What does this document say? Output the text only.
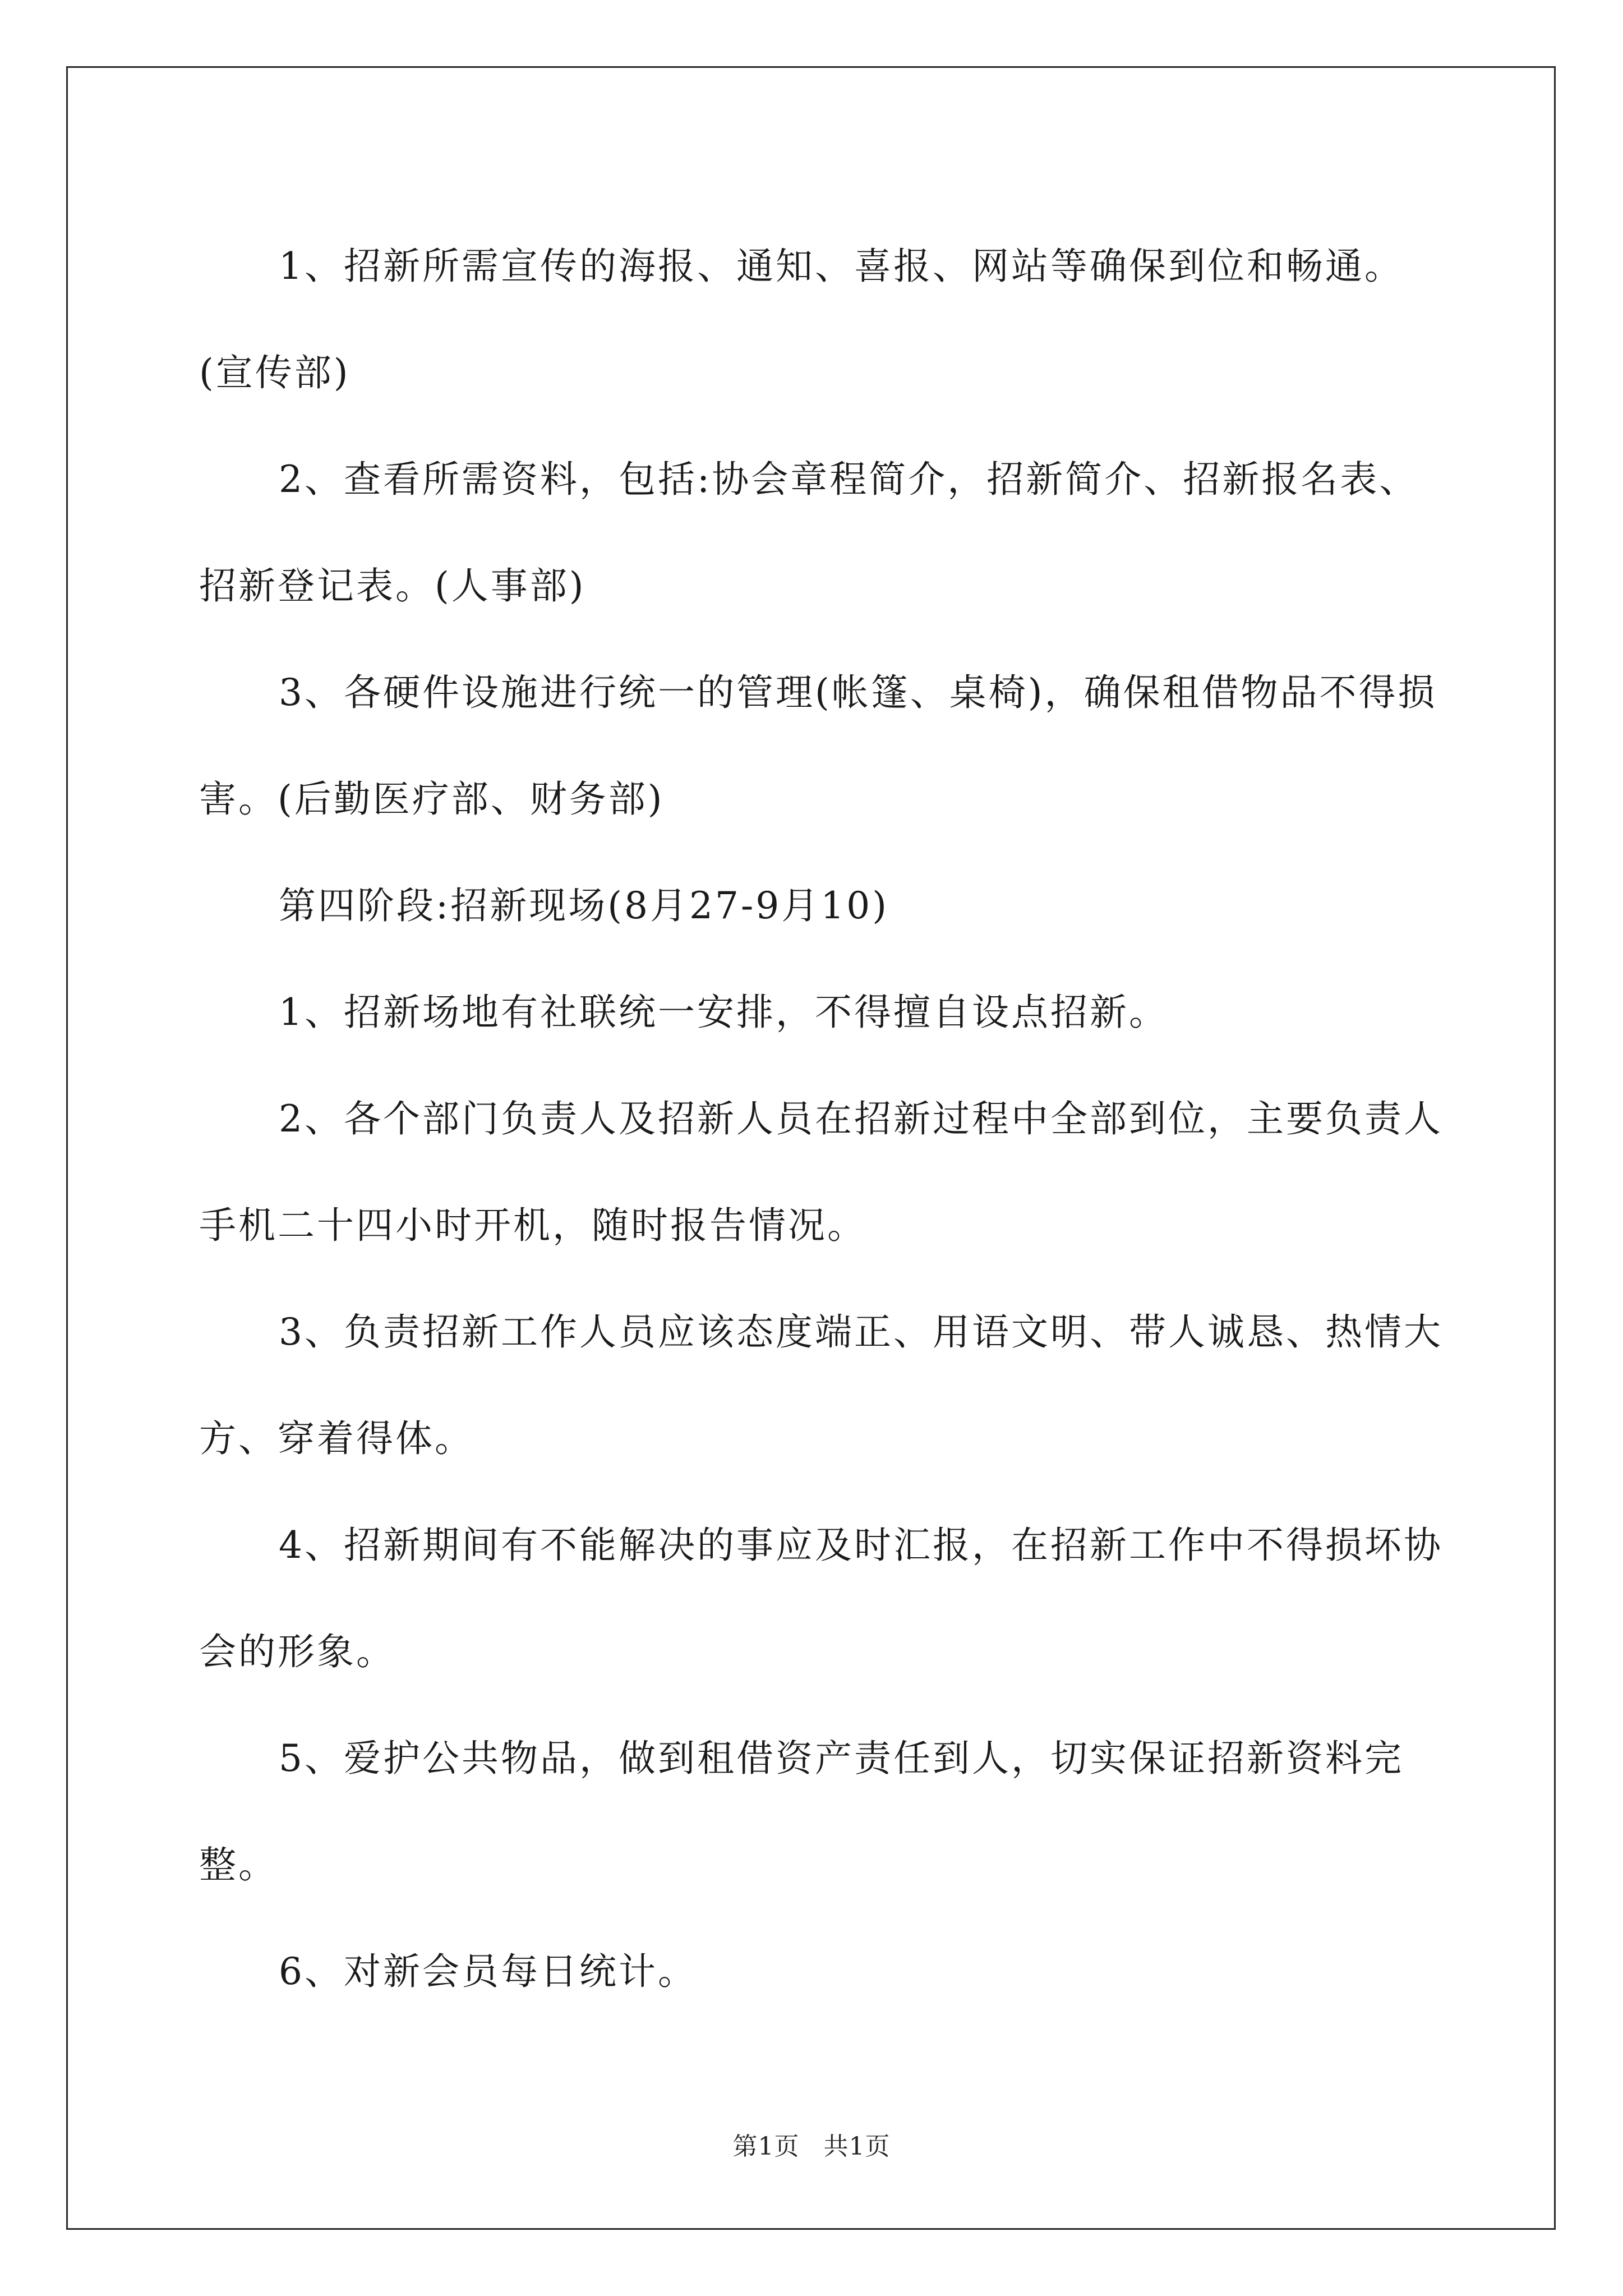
1、招新所需宣传的海报、通知、喜报、网站等确保到位和畅通。(宣传部)

2、查看所需资料，包括:协会章程简介，招新简介、招新报名表、招新登记表。(人事部)

3、各硬件设施进行统一的管理(帐篷、桌椅)，确保租借物品不得损害。(后勤医疗部、财务部)

第四阶段:招新现场(8月27-9月10)

1、招新场地有社联统一安排，不得擅自设点招新。

2、各个部门负责人及招新人员在招新过程中全部到位，主要负责人手机二十四小时开机，随时报告情况。

3、负责招新工作人员应该态度端正、用语文明、带人诚恳、热情大方、穿着得体。

4、招新期间有不能解决的事应及时汇报，在招新工作中不得损坏协会的形象。

5、爱护公共物品，做到租借资产责任到人，切实保证招新资料完整。

6、对新会员每日统计。

第1页 共1页
